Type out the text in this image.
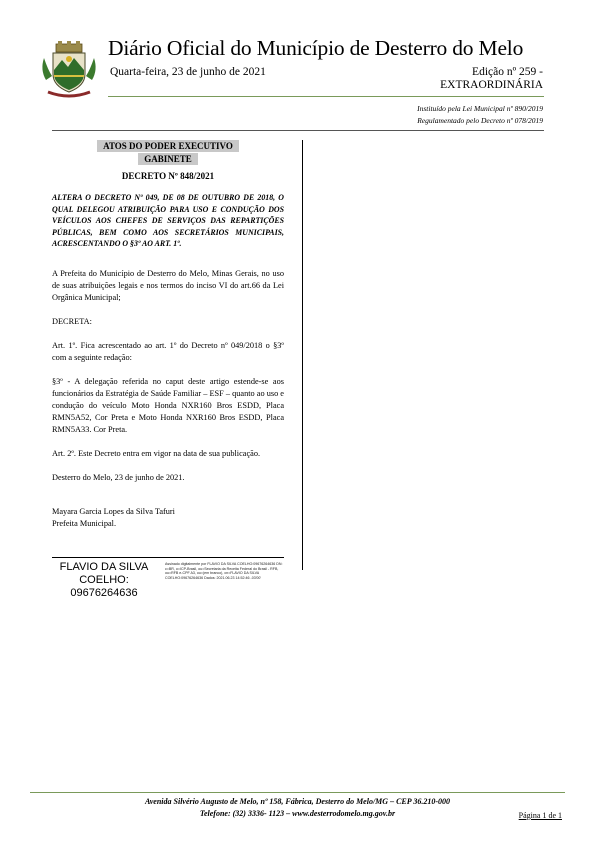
Diário Oficial do Município de Desterro do Melo
Quarta-feira, 23 de junho de 2021	Edição nº 259 -
EXTRAORDINÁRIA
Instituído pela Lei Municipal nº 890/2019
Regulamentado pelo Decreto nº 078/2019
ATOS DO PODER EXECUTIVO
GABINETE
DECRETO Nº 848/2021
ALTERA O DECRETO Nº 049, DE 08 DE OUTUBRO DE 2018, O QUAL DELEGOU ATRIBUIÇÃO PARA USO E CONDUÇÃO DOS VEÍCULOS AOS CHEFES DE SERVIÇOS DAS REPARTIÇÕES PÚBLICAS, BEM COMO AOS SECRETÁRIOS MUNICIPAIS, ACRESCENTANDO O §3º AO ART. 1º.

A Prefeita do Município de Desterro do Melo, Minas Gerais, no uso de suas atribuições legais e nos termos do inciso VI do art.66 da Lei Orgânica Municipal;

DECRETA:

Art. 1º. Fica acrescentado ao art. 1º do Decreto nº 049/2018 o §3º com a seguinte redação:

§3º - A delegação referida no caput deste artigo estende-se aos funcionários da Estratégia de Saúde Familiar – ESF – quanto ao uso e condução do veículo Moto Honda NXR160 Bros ESDD, Placa RMN5A52, Cor Preta e Moto Honda NXR160 Bros ESDD, Placa RMN5A33. Cor Preta.

Art. 2º. Este Decreto entra em vigor na data de sua publicação.

Desterro do Melo, 23 de junho de 2021.

Mayara Garcia Lopes da Silva Tafuri

Prefeita Municipal.

FLAVIO DA SILVA COELHO:
09676264636
Assinado digitalmente por FLAVIO DA SILVA COELHO:09676264636 DN: c=BR, o=ICP-Brasil, ou=Secretaria da Receita Federal do Brasil - RFB, ou=RFB e-CPF A3, ou=(em branco), cn=FLAVIO DA SILVA COELHO:09676264636 Dados: 2021.06.23 14:52:46 -03'00'
Avenida Silvério Augusto de Melo, nº 158, Fábrica, Desterro do Melo/MG – CEP 36.210-000
Telefone: (32) 3336- 1123 – www.desterrodomelo.mg.gov.br	Página 1 de 1
